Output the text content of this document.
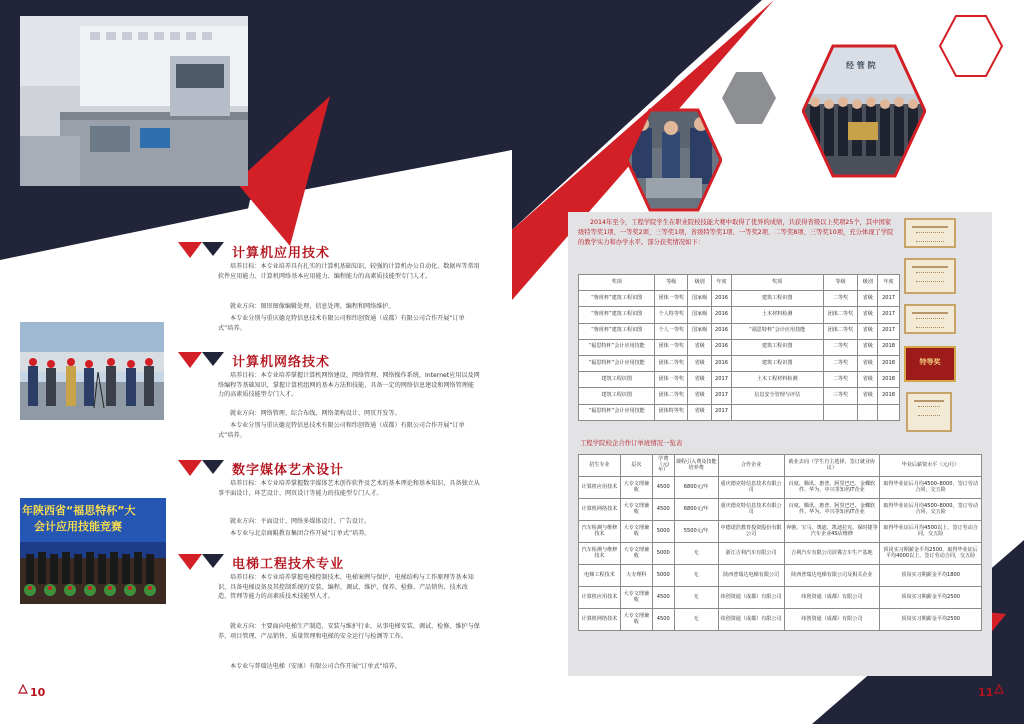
年陕西省“福思特杯”大
会计应用技能竞赛
计算机应用技术
培养目标：本专业培养具有扎实的计算机基础知识、较强的计算机办公自动化、数据库等常用软件应用能力、计算机网络基本应用能力、编程能力的高素质技能型专门人才。
就业方向：图形图像编辑处理、信息处理、编程和网络维护。
本专业分别与重庆德克特信息技术有限公司和纬创资通（成都）有限公司合作开展“订单式”培养。
计算机网络技术
培养目标：本专业培养掌握计算机网络建设、网络管理、网络操作系统、Internet应用以及网络编程等基础知识，掌握计算机组网的基本方法和技能，具备一定的网络信息建设和网络管理能力的高素质技能型专门人才。
就业方向：网络管理、综合布线、网络架构设计、网页开发等。
本专业分别与重庆德克特信息技术有限公司和纬创资通（成都）有限公司合作开展“订单式”培养。
数字媒体艺术设计
培养目标：本专业培养掌握数字媒体艺术创作软件及艺术的基本理论和基本知识，具备独立从事平面设计、环艺设计、网页设计等能力的技能型专门人才。
就业方向：平面设计、网络多媒体设计、广告设计。
本专业与北京商鲲教育集团合作开展“订单式”培养。
电梯工程技术专业
培养目标：本专业培养掌握电梯控制技术、电梯案例与保护、电梯结构与工作原理等基本知识，具备电梯设备及其控制系统的安装、编程、调试、维护、保养、检修、产品销售、技术改造、管理等能力的高素质技术技能型人才。
就业方向：主要面向电梯生产制造、安装与维护行业，从事电梯安装、调试、检修、维护与保养、项目管理、产品销售、质量管理和电梯的安全运行与检测等工作。
本专业与普瑞达电梯（安康）有限公司合作开展“订单式”培养。
10
经 管 院
2014年至今，工程学院学生在职业院校技能大赛中取得了优异的成绩，共获得省级以上奖项25个，其中国家级特等奖1项、一等奖2项、三等奖1项，省级特等奖1项、一等奖2项、二等奖8项、三等奖10项，充分体现了学院的教学实力和办学水平。部分获奖情况如下：
奖项	等级	级别	年度	奖项	等级	级别	年度
“鲁班杯”建筑工程识图	团体一等奖	国家级	2016	建筑工程识图	二等奖	省级	2017
“鲁班杯”建筑工程识图	个人特等奖	国家级	2016	土木材料检测	团体二等奖	省级	2017
“鲁班杯”建筑工程识图	个人一等奖	国家级	2016	“福思特杯”会计应用技能	团体二等奖	省级	2017
“福思特杯”会计应用技能	团体一等奖	省级	2016	建筑工程识图	二等奖	省级	2018
“福思特杯”会计应用技能	团体二等奖	省级	2016	建筑工程识图	二等奖	省级	2018
建筑工程识图	团体一等奖	省级	2017	土木工程材料检测	二等奖	省级	2018
建筑工程识图	团体二等奖	省级	2017	信息安全管理与评估	三等奖	省级	2018
“福思特杯”会计应用技能	团体特等奖	省级	2017				
特等奖
工程学院校企合作订单班情况一览表
招生专业	层次	学费（元/年）	课程引入费及技能培养费	合作企业	就业去向（学生自主选择，签订就业协议）	毕业后薪资水平（元/月）
计算机应用技术	大专文理兼收	4500	6800元/年	重庆德克特信息技术有限公司	百度、腾讯、惠普、阿里巴巴、金蝶软件、华为、中兴等知名IT企业	取得毕业证后月均4500–8000，签订劳动合同，交五险
计算机网络技术	大专文理兼收	4500	6800元/年	重庆德克特信息技术有限公司	百度、腾讯、惠普、阿里巴巴、金蝶软件、华为、中兴等知名IT企业	取得毕业证后月均4500–8000，签订劳动合同，交五险
汽车检测与维修技术	大专文理兼收	5000	5500元/年	中德诺浩教育投资股份有限公司	奔驰、宝马、奥迪、凯迪拉克、保时捷等汽车企业4S店维修	取得毕业证后月均4500以上，签订劳动合同，交五险
汽车检测与维修技术	大专文理兼收	5000	无	浙江吉利汽车有限公司	吉利汽车有限公司浒冀吉车生产基地	顶岗实习期薪金平均2500，取得毕业证后平均4000以上，签订劳动合同，交五险
电梯工程技术	大专理科	5000	无	陕西普瑞达电梯有限公司	陕西普瑞达电梯有限公司及相关企业	顶岗实习期薪金平均1800
计算机应用技术	大专文理兼收	4500	无	纬创资通（成都）有限公司	纬创资通（成都）有限公司	顶岗实习期薪金平均2500
计算机网络技术	大专文理兼收	4500	无	纬创资通（成都）有限公司	纬创资通（成都）有限公司	顶岗实习期薪金平均2500
11
